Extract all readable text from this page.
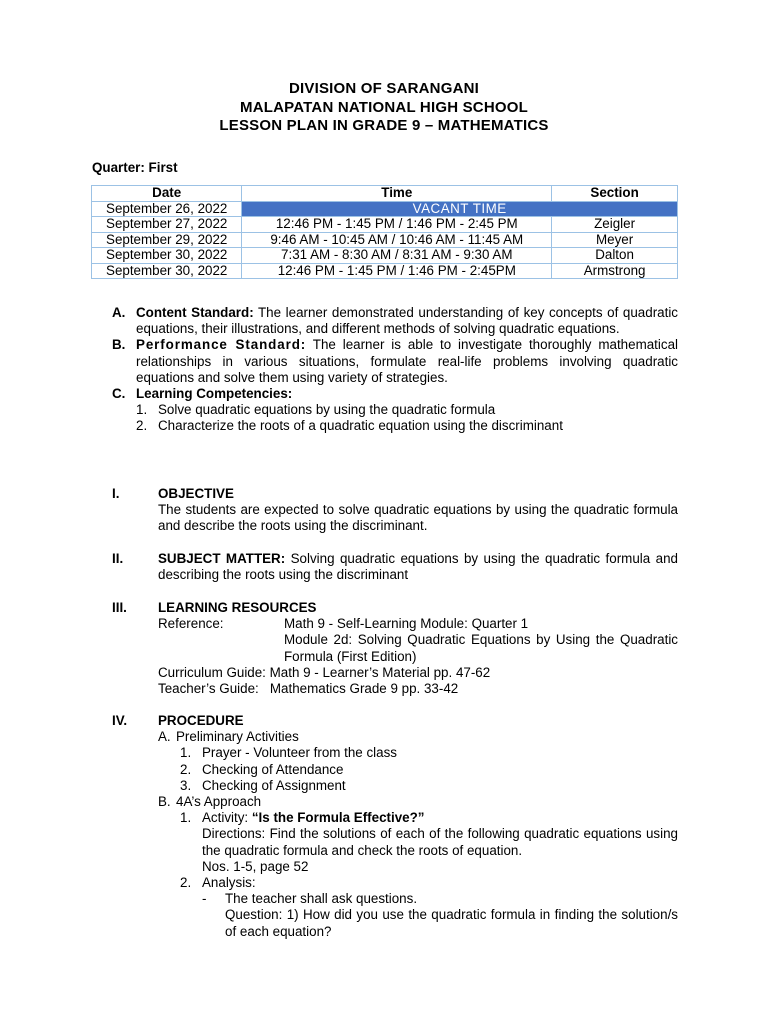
DIVISION OF SARANGANI
MALAPATAN NATIONAL HIGH SCHOOL
LESSON PLAN IN GRADE 9 – MATHEMATICS
Quarter: First
Date	Time	Section
September 26, 2022	VACANT TIME	
September 27, 2022	12:46 PM - 1:45 PM / 1:46 PM - 2:45 PM	Zeigler
September 29, 2022	9:46 AM - 10:45 AM / 10:46 AM - 11:45 AM	Meyer
September 30, 2022	7:31 AM - 8:30 AM / 8:31 AM - 9:30 AM	Dalton
September 30, 2022	12:46 PM - 1:45 PM / 1:46 PM - 2:45PM	Armstrong
A. Content Standard: The learner demonstrated understanding of key concepts of quadratic equations, their illustrations, and different methods of solving quadratic equations.
B. Performance Standard: The learner is able to investigate thoroughly mathematical relationships in various situations, formulate real-life problems involving quadratic equations and solve them using variety of strategies.
C. Learning Competencies:
1. Solve quadratic equations by using the quadratic formula
2. Characterize the roots of a quadratic equation using the discriminant
I.	OBJECTIVE
The students are expected to solve quadratic equations by using the quadratic formula and describe the roots using the discriminant.
II.	SUBJECT MATTER: Solving quadratic equations by using the quadratic formula and describing the roots using the discriminant
III. LEARNING RESOURCES
Reference:	Math 9 - Self-Learning Module: Quarter 1
Module 2d: Solving Quadratic Equations by Using the Quadratic Formula (First Edition)
Curriculum Guide: Math 9 - Learner’s Material pp. 47-62
Teacher’s Guide:   Mathematics Grade 9 pp. 33-42
IV. PROCEDURE
A. Preliminary Activities
1. Prayer - Volunteer from the class
2. Checking of Attendance
3. Checking of Assignment
B. 4A’s Approach
1. Activity: “Is the Formula Effective?”
Directions: Find the solutions of each of the following quadratic equations using the quadratic formula and check the roots of equation.
Nos. 1-5, page 52
2. Analysis:
- The teacher shall ask questions.
Question: 1) How did you use the quadratic formula in finding the solution/s of each equation?
